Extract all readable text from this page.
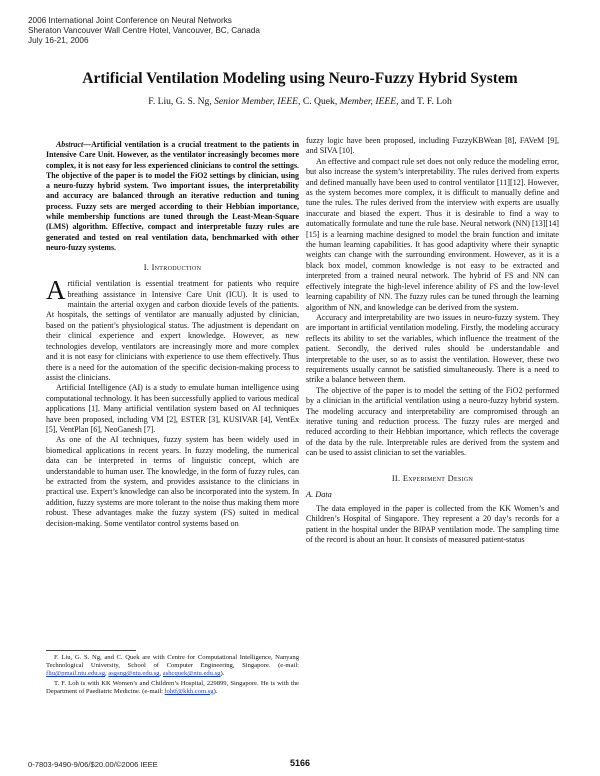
2006 International Joint Conference on Neural Networks
Sheraton Vancouver Wall Centre Hotel, Vancouver, BC, Canada
July 16-21, 2006
Artificial Ventilation Modeling using Neuro-Fuzzy Hybrid System
F. Liu, G. S. Ng, Senior Member, IEEE, C. Quek, Member, IEEE, and T. F. Loh

Abstract—Artificial ventilation is a crucial treatment to the patients in Intensive Care Unit. However, as the ventilator increasingly becomes more complex, it is not easy for less experienced clinicians to control the settings. The objective of the paper is to model the FiO2 settings by clinician, using a neuro-fuzzy hybrid system. Two important issues, the interpretability and accuracy are balanced through an iterative reduction and tuning process. Fuzzy sets are merged according to their Hebbian importance, while membership functions are tuned through the Least-Mean-Square (LMS) algorithm. Effective, compact and interpretable fuzzy rules are generated and tested on real ventilation data, benchmarked with other neuro-fuzzy systems.

I. Introduction

Artificial ventilation is essential treatment for patients who require breathing assistance in Intensive Care Unit (ICU). It is used to maintain the arterial oxygen and carbon dioxide levels of the patients. At hospitals, the settings of ventilator are manually adjusted by clinician, based on the patient’s physiological status. The adjustment is dependant on their clinical experience and expert knowledge. However, as new technologies develop, ventilators are increasingly more and more complex and it is not easy for clinicians with experience to use them effectively. Thus there is a need for the automation of the specific decision-making process to assist the clinicians.

Artificial Intelligence (AI) is a study to emulate human intelligence using computational technology. It has been successfully applied to various medical applications [1]. Many artificial ventilation system based on AI techniques have been proposed, including VM [2], ESTER [3], KUSIVAR [4], VentEx [5], VentPlan [6], NeoGanesh [7].

As one of the AI techniques, fuzzy system has been widely used in biomedical applications in recent years. In fuzzy modeling, the numerical data can be interpreted in terms of linguistic concept, which are understandable to human user. The knowledge, in the form of fuzzy rules, can be extracted from the system, and provides assistance to the clinicians in practical use. Expert’s knowledge can also be incorporated into the system. In addition, fuzzy systems are more tolerant to the noise thus making them more robust. These advantages make the fuzzy system (FS) suited in medical decision-making. Some ventilator control systems based on

F. Liu, G. S. Ng, and C. Quek are with Centre for Computational Intelligence, Nanyang Technological University, School of Computer Engineering, Singapore. (e-mail: fliu@pmail.ntu.edu.sg, asgsng@ntu.edu.sg, ashcquek@ntu.edu.sg).

T. F. Loh is with KK Women’s and Children’s Hospital, 229899, Singapore. He is with the Department of Paediatric Medicine. (e-mail: lohtf@kkh.com.sg).

fuzzy logic have been proposed, including FuzzyKBWean [8], FAVeM [9], and SIVA [10].

An effective and compact rule set does not only reduce the modeling error, but also increase the system’s interpretability. The rules derived from experts and defined manually have been used to control ventilator [11][12]. However, as the system becomes more complex, it is difficult to manually define and tune the rules. The rules derived from the interview with experts are usually inaccurate and biased the expert. Thus it is desirable to find a way to automatically formulate and tune the rule base. Neural network (NN) [13][14][15] is a learning machine designed to model the brain function and imitate the human learning capabilities. It has good adaptivity where their synaptic weights can change with the surrounding environment. However, as it is a black box model, common knowledge is not easy to be extracted and interpreted from a trained neural network. The hybrid of FS and NN can effectively integrate the high-level inference ability of FS and the low-level learning capability of NN. The fuzzy rules can be tuned through the learning algorithm of NN, and knowledge can be derived from the system.

Accuracy and interpretability are two issues in neuro-fuzzy system. They are important in artificial ventilation modeling. Firstly, the modeling accuracy reflects its ability to set the variables, which influence the treatment of the patient. Secondly, the derived rules should be understandable and interpretable to the user, so as to assist the ventilation. However, these two requirements usually cannot be satisfied simultaneously. There is a need to strike a balance between them.

The objective of the paper is to model the setting of the FiO2 performed by a clinician in the artificial ventilation using a neuro-fuzzy hybrid system. The modeling accuracy and interpretability are compromised through an iterative tuning and reduction process. The fuzzy rules are merged and reduced according to their Hebbian importance, which reflects the coverage of the data by the rule. Interpretable rules are derived from the system and can be used to assist clinician to set the variables.

II. Experiment Design
A. Data

The data employed in the paper is collected from the KK Women’s and Children’s Hospital of Singapore. They represent a 20 day’s records for a patient in the hospital under the BIPAP ventilation mode. The sampling time of the record is about an hour. It consists of measured patient-status

0-7803-9490-9/06/$20.00/©2006 IEEE	5166
